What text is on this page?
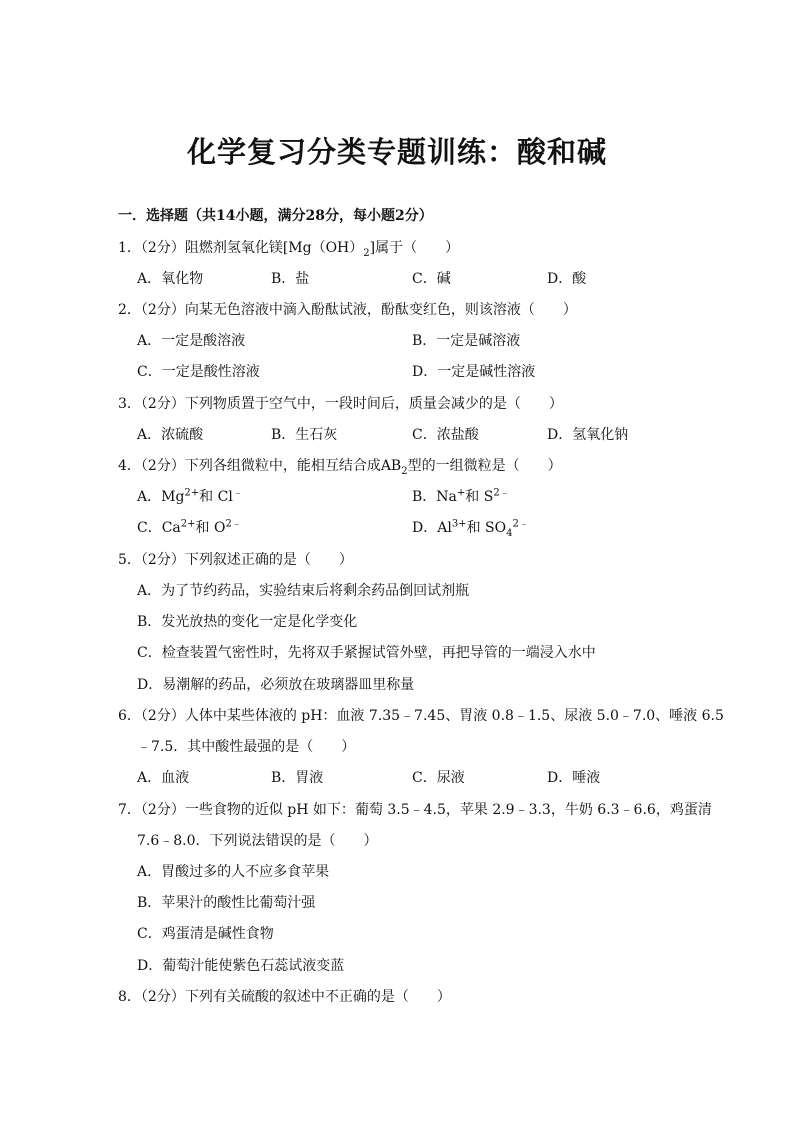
化学复习分类专题训练：酸和碱
一．选择题（共14小题，满分28分，每小题2分）
1．（2分）阻燃剂氢氧化镁$[Mg(OH)_2]$属于（　　）
A．氧化物	B．盐	C．碱	D．酸
2．（2分）向某无色溶液中滴入酚酞试液，酚酞变红色，则该溶液（　　）
A．一定是酸溶液	B．一定是碱溶液
C．一定是酸性溶液	D．一定是碱性溶液
3．（2分）下列物质置于空气中，一段时间后，质量会减少的是（　　）
A．浓硫酸	B．生石灰	C．浓盐酸	D．氢氧化钠
4．（2分）下列各组微粒中，能相互结合成$AB_2$型的一组微粒是（　　）
A．$Mg^{2+}$和 Cl﹣	B．Na+和 $S^{2﹣}$
C．$Ca^{2+}$和 $O^{2﹣}$	D．$Al^{3+}$和 $SO_4^{2﹣}$
5．（2分）下列叙述正确的是（　　）
A．为了节约药品，实验结束后将剩余药品倒回试剂瓶
B．发光放热的变化一定是化学变化
C．检查装置气密性时，先将双手紧握试管外壁，再把导管的一端浸入水中
D．易潮解的药品，必须放在玻璃器皿里称量
6．（2分）人体中某些体液的 pH：血液 7.35﹣7.45、胃液 0.8﹣1.5、尿液 5.0﹣7.0、唾液 6.5
﹣7.5．其中酸性最强的是（　　）
A．血液	B．胃液	C．尿液	D．唾液
7．（2分）一些食物的近似 pH 如下：葡萄 3.5﹣4.5，苹果 2.9﹣3.3，牛奶 6.3﹣6.6，鸡蛋清
7.6﹣8.0．下列说法错误的是（　　）
A．胃酸过多的人不应多食苹果
B．苹果汁的酸性比葡萄汁强
C．鸡蛋清是碱性食物
D．葡萄汁能使紫色石蕊试液变蓝
8．（2分）下列有关硫酸的叙述中不正确的是（　　）
